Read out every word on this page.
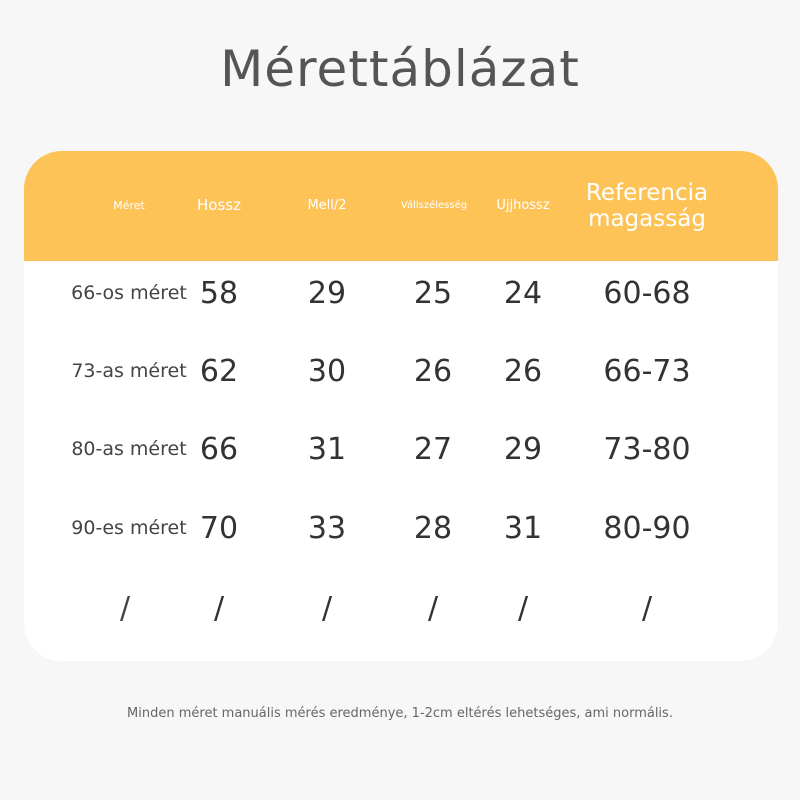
Mérettáblázat
Méret	Hossz	Mell/2	Vállszélesség	Ujjhossz	Referencia magasság
66-os méret 58	29	25	24	60-68
73-as méret 62	30	26	26	66-73
80-as méret 66	31	27	29	73-80
90-es méret 70	33	28	31	80-90
/	/	/	/	/	/
Minden méret manuális mérés eredménye, 1-2cm eltérés lehetséges, ami normális.
